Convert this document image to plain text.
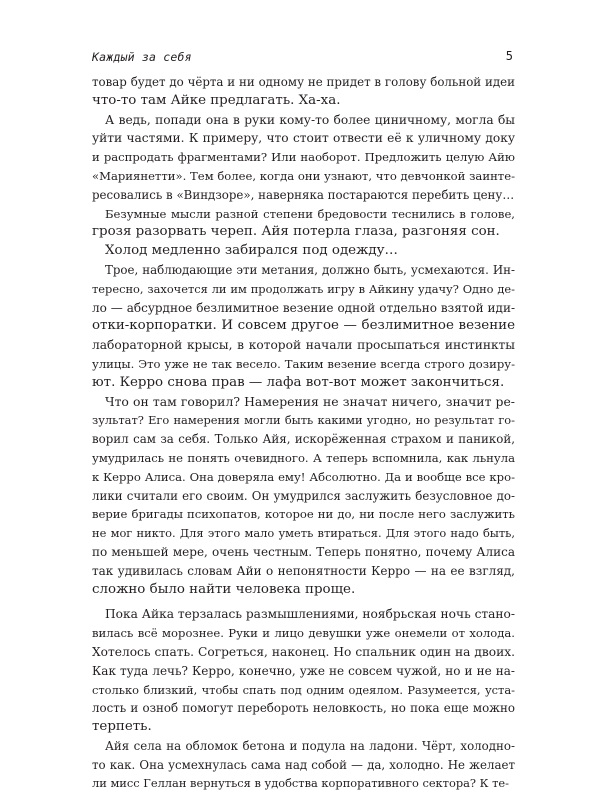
Каждый за себя	5
товар будет до чёрта и ни одному не придет в голову больной идеи
что-то там Айке предлагать. Ха-ха.
А ведь, попади она в руки кому-то более циничному, могла бы
уйти частями. К примеру, что стоит отвести её к уличному доку
и распродать фрагментами? Или наоборот. Предложить целую Айю
«Мариянетти». Тем более, когда они узнают, что девчонкой заинте-
ресовались в «Виндзоре», наверняка постараются перебить цену…
Безумные мысли разной степени бредовости теснились в голове,
грозя разорвать череп. Айя потерла глаза, разгоняя сон.
Холод медленно забирался под одежду…
Трое, наблюдающие эти метания, должно быть, усмехаются. Ин-
тересно, захочется ли им продолжать игру в Айкину удачу? Одно де-
ло — абсурдное безлимитное везение одной отдельно взятой иди-
отки-корпоратки. И совсем другое — безлимитное везение
лабораторной крысы, в которой начали просыпаться инстинкты
улицы. Это уже не так весело. Таким везение всегда строго дозиру-
ют. Керро снова прав — лафа вот-вот может закончиться.
Что он там говорил? Намерения не значат ничего, значит ре-
зультат? Его намерения могли быть какими угодно, но результат го-
ворил сам за себя. Только Айя, искорёженная страхом и паникой,
умудрилась не понять очевидного. А теперь вспомнила, как льнула
к Керро Алиса. Она доверяла ему! Абсолютно. Да и вообще все кро-
лики считали его своим. Он умудрился заслужить безусловное до-
верие бригады психопатов, которое ни до, ни после него заслужить
не мог никто. Для этого мало уметь втираться. Для этого надо быть,
по меньшей мере, очень честным. Теперь понятно, почему Алиса
так удивилась словам Айи о непонятности Керро — на ее взгляд,
сложно было найти человека проще.
Пока Айка терзалась размышлениями, ноябрьская ночь стано-
вилась всё морознее. Руки и лицо девушки уже онемели от холода.
Хотелось спать. Согреться, наконец. Но спальник один на двоих.
Как туда лечь? Керро, конечно, уже не совсем чужой, но и не на-
столько близкий, чтобы спать под одним одеялом. Разумеется, уста-
лость и озноб помогут перебороть неловкость, но пока еще можно
терпеть.
Айя села на обломок бетона и подула на ладони. Чёрт, холодно-
то как. Она усмехнулась сама над собой — да, холодно. Не желает
ли мисс Геллан вернуться в удобства корпоративного сектора? К те-
